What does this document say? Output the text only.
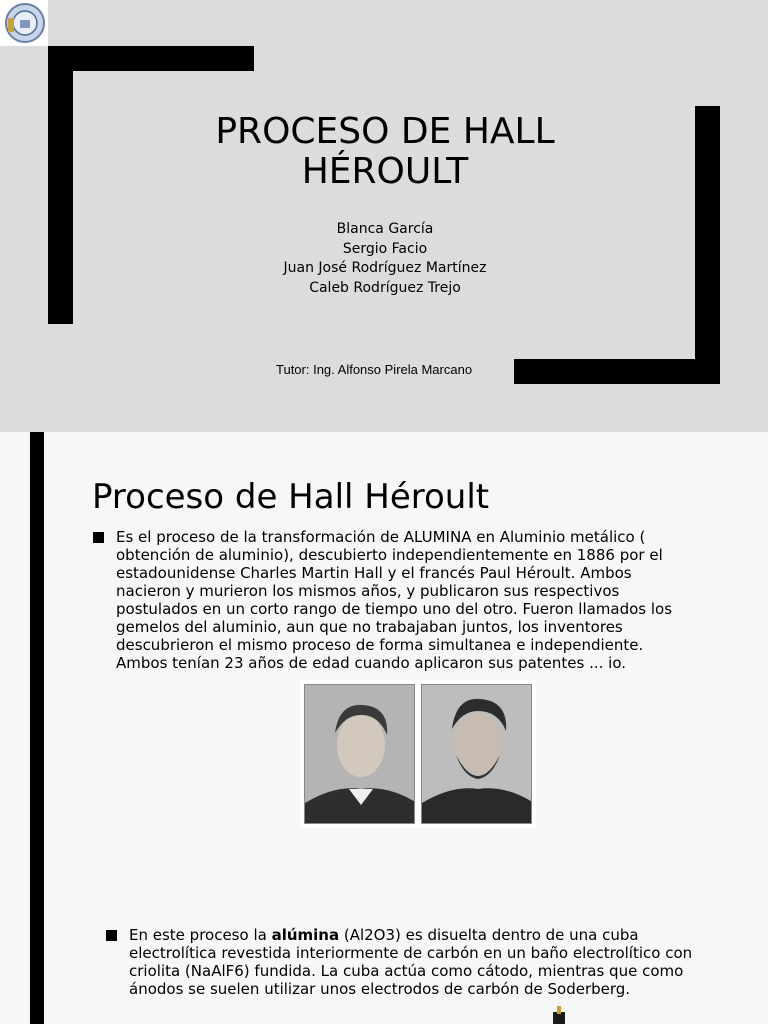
PROCESO DE HALL HÉROULT
Blanca García
Sergio Facio
Juan José Rodríguez Martínez
Caleb Rodríguez Trejo
Tutor: Ing. Alfonso Pirela Marcano
Proceso de Hall Héroult
Es el proceso de la transformación de ALUMINA en Aluminio metálico ( obtención de aluminio), descubierto independientemente en 1886 por el estadounidense Charles Martin Hall y el francés Paul Héroult. Ambos nacieron y murieron los mismos años, y publicaron sus respectivos postulados en un corto rango de tiempo uno del otro. Fueron llamados los gemelos del aluminio, aun que no trabajaban juntos, los inventores descubrieron el mismo proceso de forma simultanea e independiente. Ambos tenían 23 años de edad cuando aplicaron sus patentes ... io.
En este proceso la alúmina (Al2O3) es disuelta dentro de una cuba electrolítica revestida interiormente de carbón en un baño electrolítico con criolita (NaAlF6) fundida. La cuba actúa como cátodo, mientras que como ánodos se suelen utilizar unos electrodos de carbón de Soderberg.
